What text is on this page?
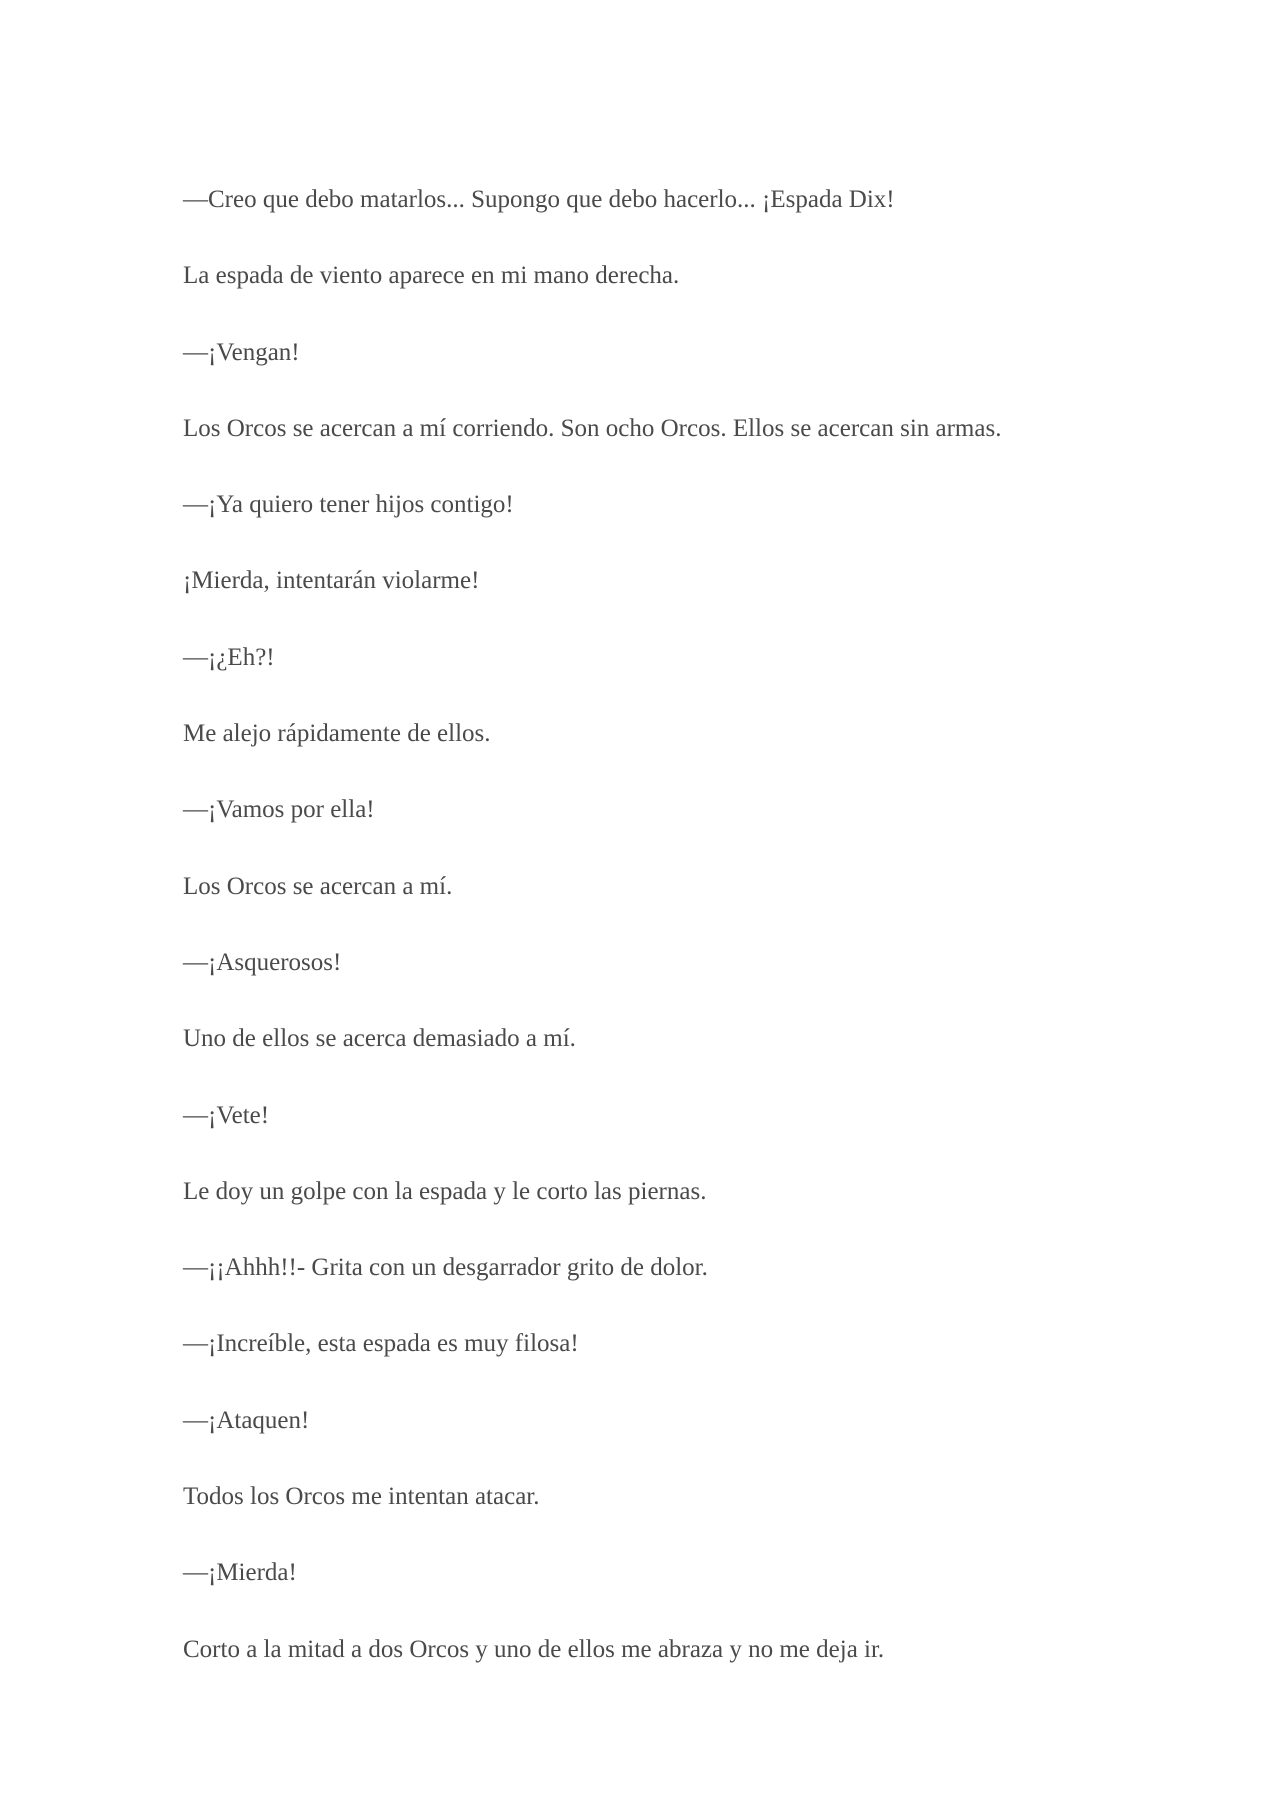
—Creo que debo matarlos... Supongo que debo hacerlo... ¡Espada Dix!

La espada de viento aparece en mi mano derecha.

—¡Vengan!

Los Orcos se acercan a mí corriendo. Son ocho Orcos. Ellos se acercan sin armas.

—¡Ya quiero tener hijos contigo!

¡Mierda, intentarán violarme!

—¡¿Eh?!

Me alejo rápidamente de ellos.

—¡Vamos por ella!

Los Orcos se acercan a mí.

—¡Asquerosos!

Uno de ellos se acerca demasiado a mí.

—¡Vete!

Le doy un golpe con la espada y le corto las piernas.

—¡¡Ahhh!!- Grita con un desgarrador grito de dolor.

—¡Increíble, esta espada es muy filosa!

—¡Ataquen!

Todos los Orcos me intentan atacar.

—¡Mierda!

Corto a la mitad a dos Orcos y uno de ellos me abraza y no me deja ir.
